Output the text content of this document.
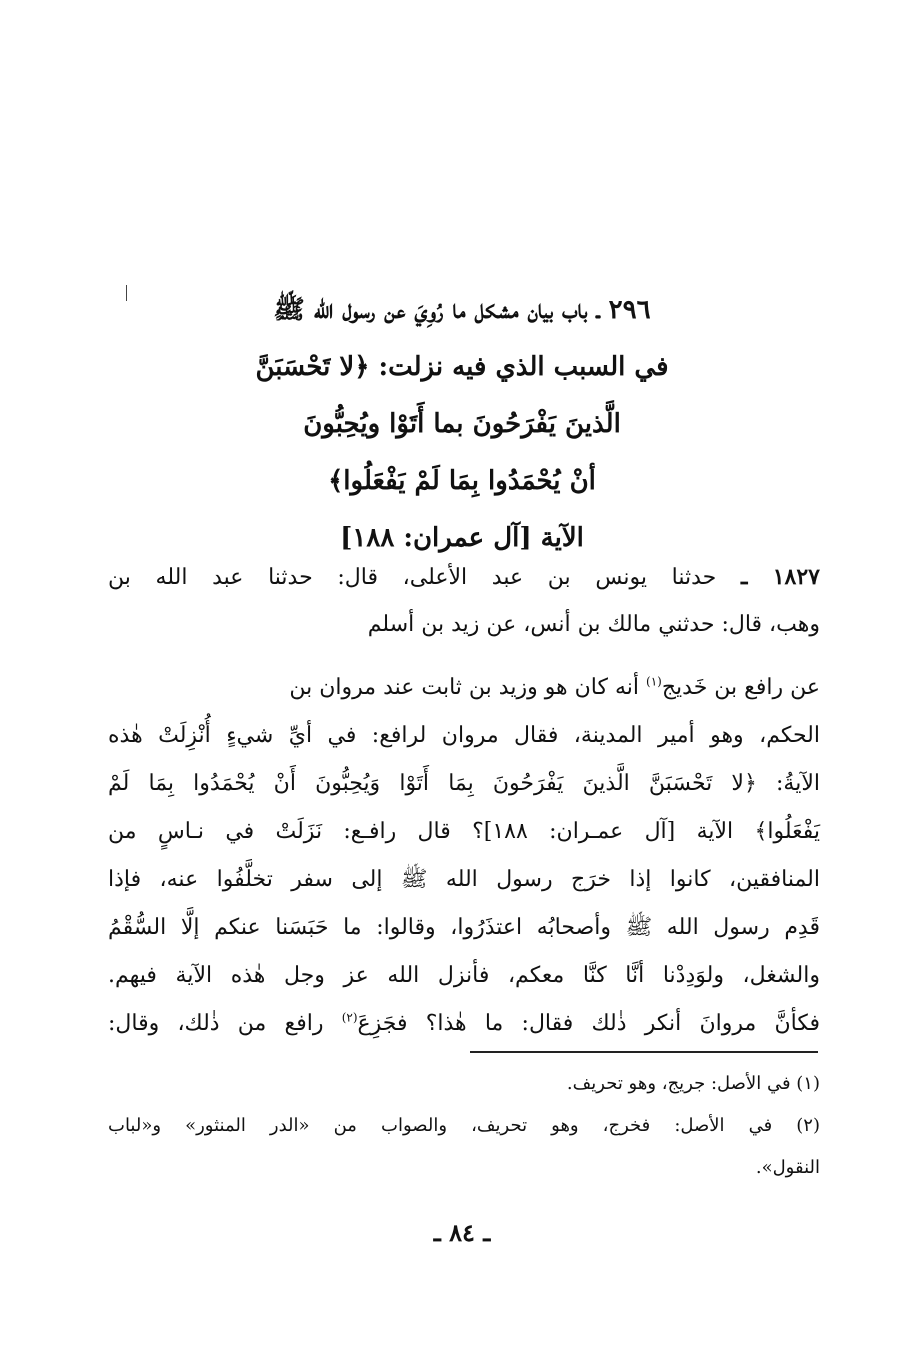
٢٩٦ ـ باب بيان مشكل ما رُوِيَ عن رسول الله ﷺ
في السبب الذي فيه نزلت: ﴿لا تَحْسَبَنَّ
الَّذينَ يَفْرَحُونَ بما أَتَوْا ويُحِبُّونَ
أنْ يُحْمَدُوا بِمَا لَمْ يَفْعَلُوا﴾
الآية [آل عمران: ١٨٨]
١٨٢٧ ـ حدثنا يونس بن عبد الأعلى، قال: حدثنا عبد الله بن
وهب، قال: حدثني مالك بن أنس، عن زيد بن أسلم
عن رافع بن خَديج$^{(١)}$ أنه كان هو وزيد بن ثابت عند مروان بن
الحكم، وهو أمير المدينة، فقال مروان لرافع: في أيِّ شيءٍ أُنْزِلَتْ هٰذه
الآيةُ: ﴿لا تَحْسَبَنَّ الَّذينَ يَفْرَحُونَ بِمَا أَتَوْا وَيُحِبُّونَ أَنْ يُحْمَدُوا بِمَا لَمْ
يَفْعَلُوا﴾ الآية [آل عمـران: ١٨٨]؟ قال رافـع: نَزَلَتْ في نـاسٍ من
المنافقين، كانوا إذا خرَج رسول الله ﷺ إلى سفر تخلَّفُوا عنه، فإذا
قَدِم رسول الله ﷺ وأصحابُه اعتذَرُوا، وقالوا: ما حَبَسَنا عنكم إلَّا السُّقْمُ
والشغل، ولوَدِدْنا أنَّا كنَّا معكم، فأنزل الله عز وجل هٰذه الآية فيهم.
فكأنَّ مروانَ أنكر ذٰلك فقال: ما هٰذا؟ فجَزِعَ$^{(٢)}$ رافع من ذٰلك، وقال:
(١) في الأصل: جريج، وهو تحريف.
(٢) في الأصل: فخرج، وهو تحريف، والصواب من «الدر المنثور» و«لباب
النقول».
ـ ٨٤ ـ
